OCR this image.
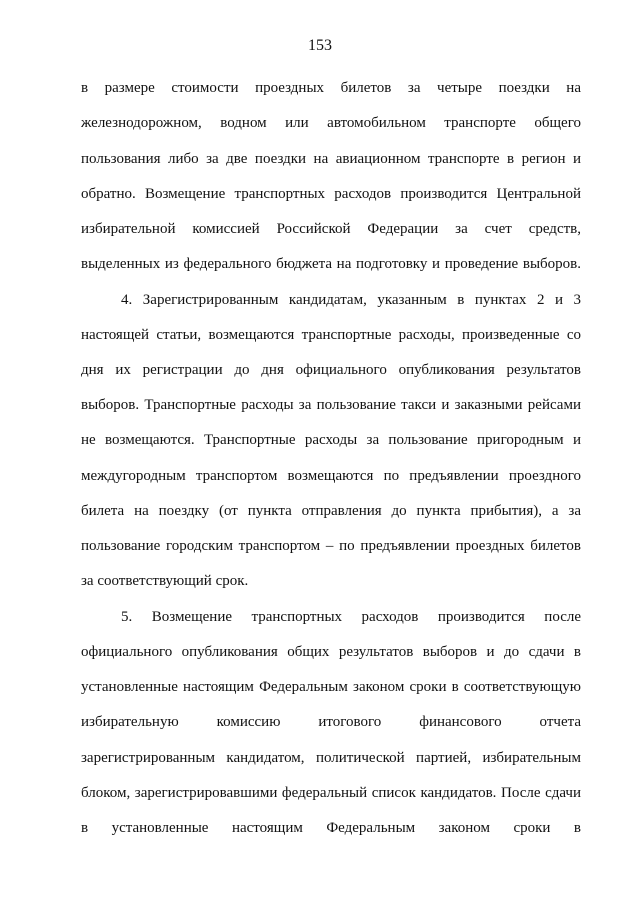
153
в размере стоимости проездных билетов за четыре поездки на
железнодорожном, водном или автомобильном транспорте общего
пользования либо за две поездки на авиационном транспорте в регион и
обратно. Возмещение транспортных расходов производится Центральной
избирательной комиссией Российской Федерации за счет средств,
выделенных из федерального бюджета на подготовку и проведение выборов.
4. Зарегистрированным кандидатам, указанным в пунктах 2 и 3
настоящей статьи, возмещаются транспортные расходы, произведенные со
дня их регистрации до дня официального опубликования результатов
выборов. Транспортные расходы за пользование такси и заказными рейсами
не возмещаются. Транспортные расходы за пользование пригородным и
междугородным транспортом возмещаются по предъявлении проездного
билета на поездку (от пункта отправления до пункта прибытия), а за
пользование городским транспортом – по предъявлении проездных билетов
за соответствующий срок.
5. Возмещение транспортных расходов производится после
официального опубликования общих результатов выборов и до сдачи в
установленные настоящим Федеральным законом сроки в соответствующую
избирательную комиссию итогового финансового отчета
зарегистрированным кандидатом, политической партией, избирательным
блоком, зарегистрировавшими федеральный список кандидатов. После сдачи
в установленные настоящим Федеральным законом сроки в
